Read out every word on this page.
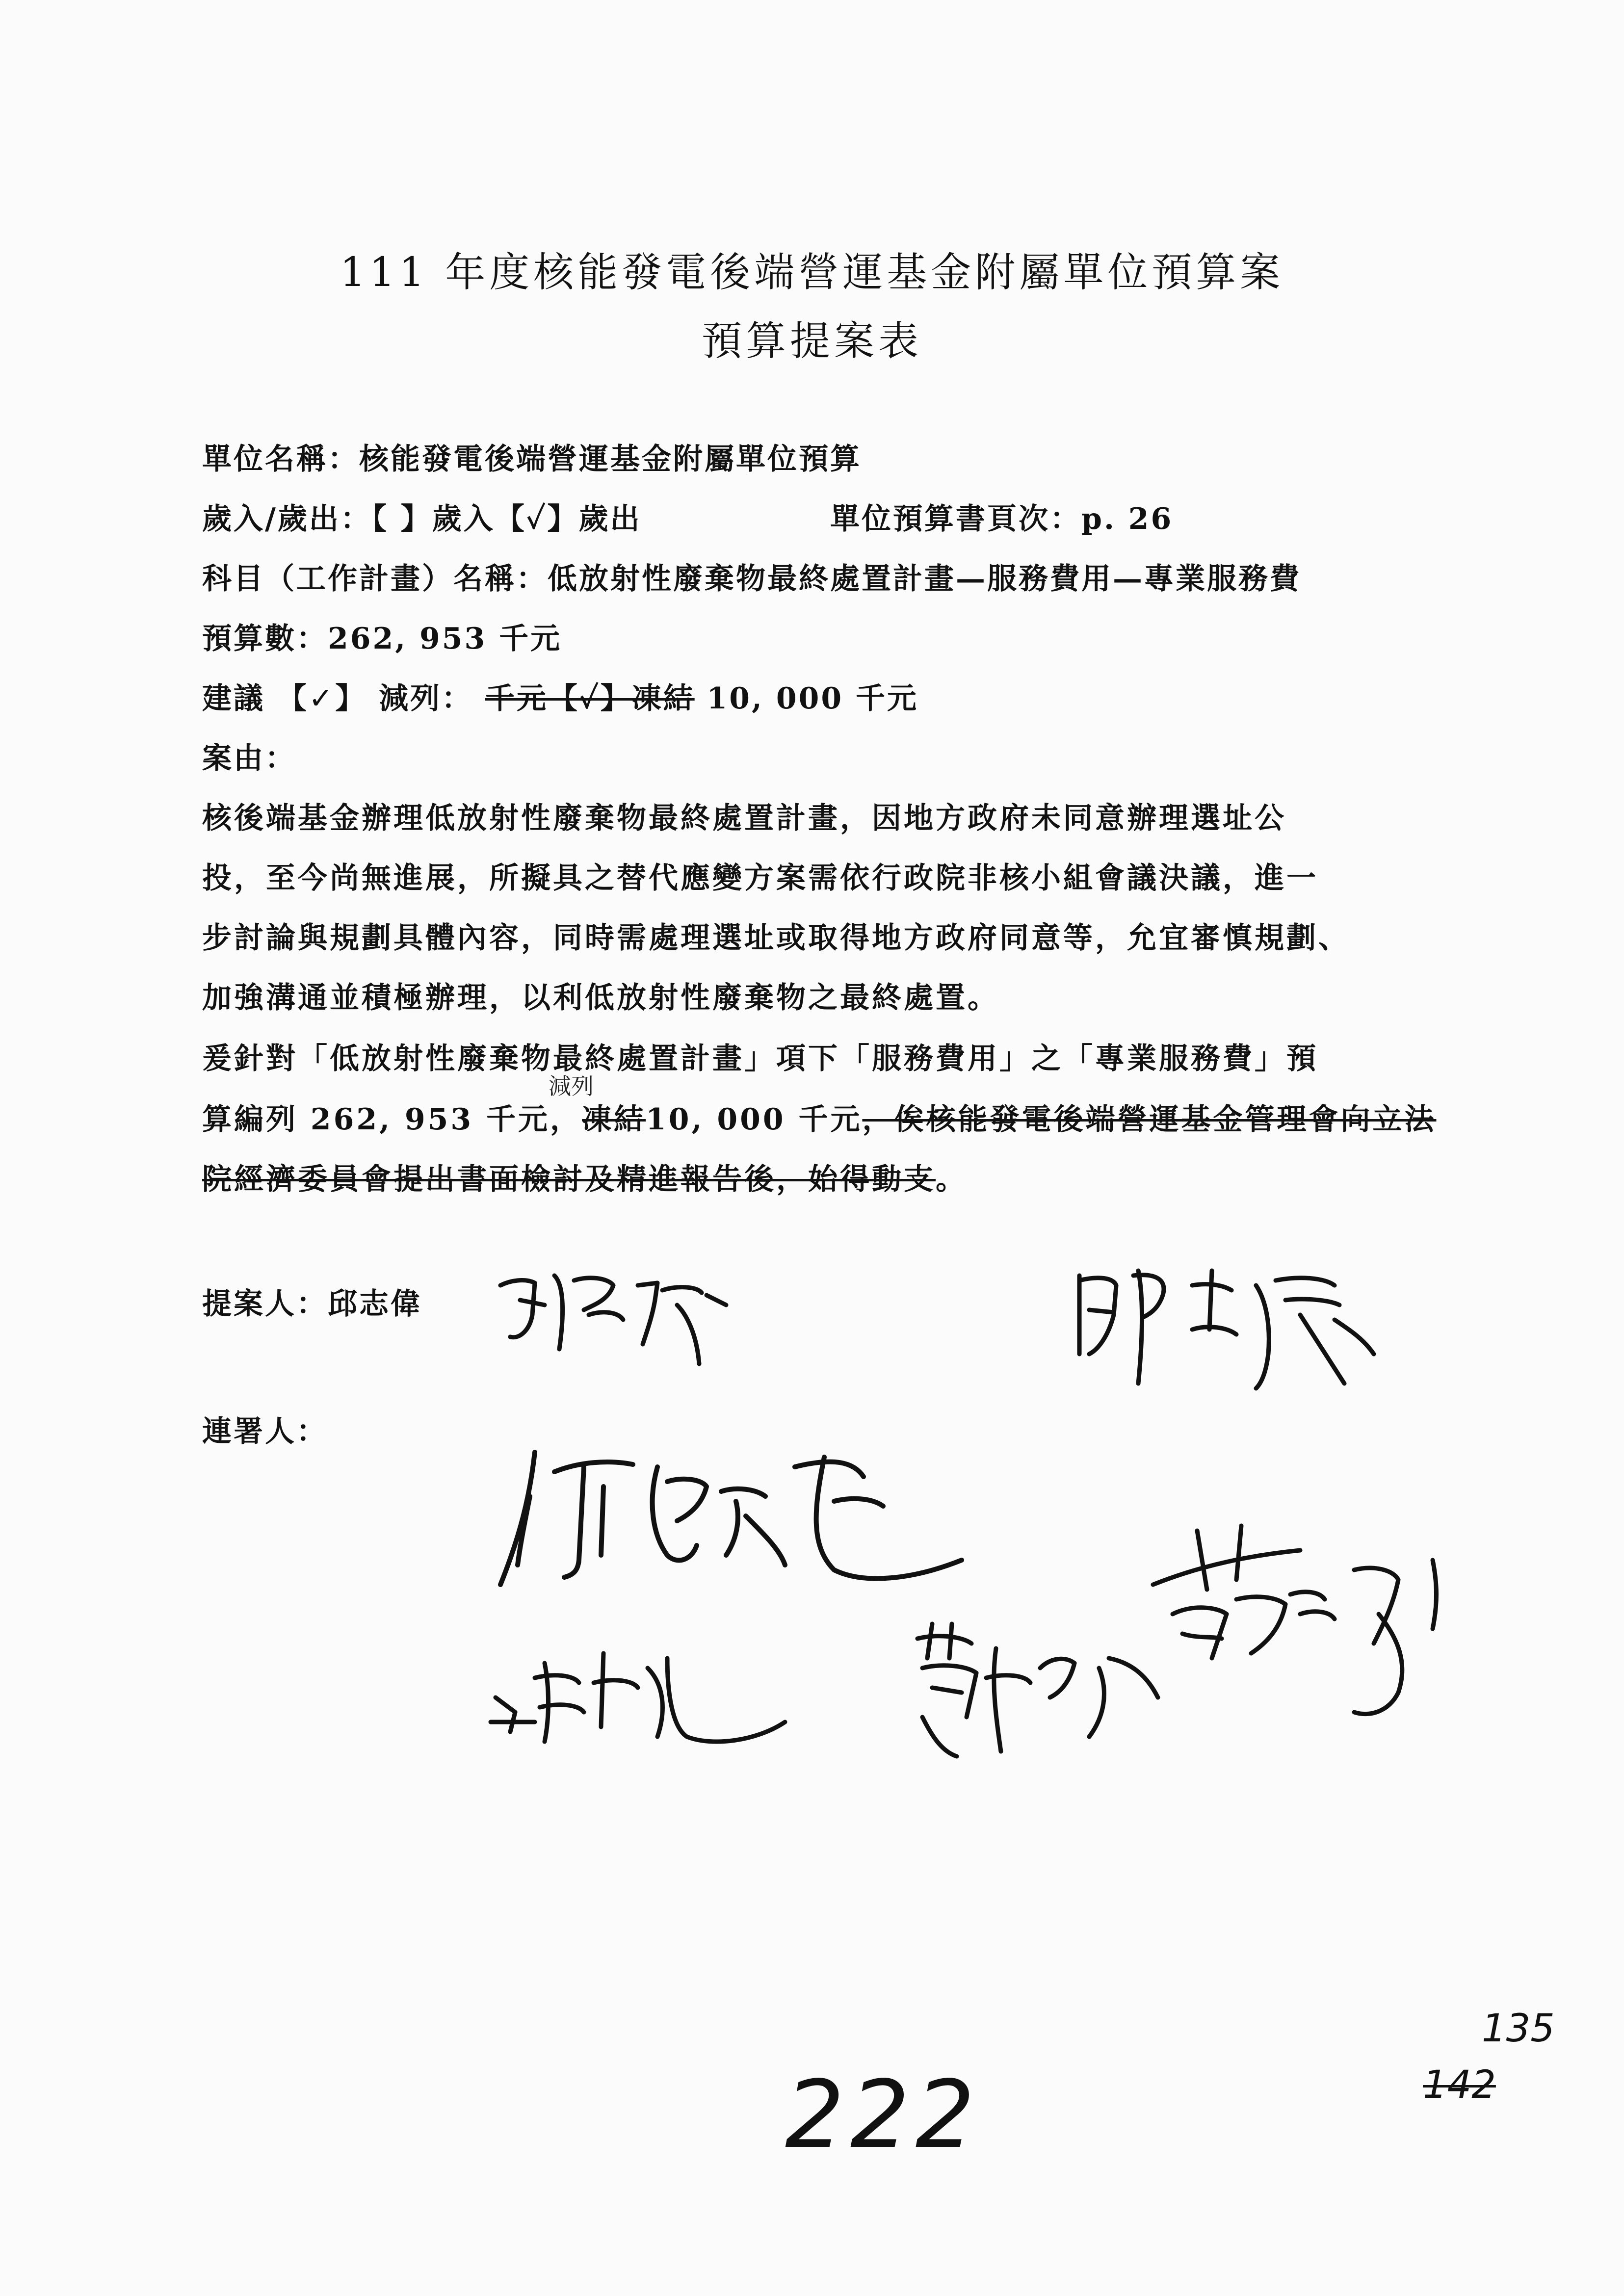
111 年度核能發電後端營運基金附屬單位預算案
預算提案表
單位名稱：核能發電後端營運基金附屬單位預算
歲入/歲出：【 】歲入【✓】歲出	單位預算書頁次：p. 26
科目（工作計畫）名稱：低放射性廢棄物最終處置計畫—服務費用—專業服務費
預算數：262, 953 千元
建議 【✓】 減列： 千元【✓】凍結 10, 000 千元
案由：
核後端基金辦理低放射性廢棄物最終處置計畫，因地方政府未同意辦理選址公
投，至今尚無進展，所擬具之替代應變方案需依行政院非核小組會議決議，進一
步討論與規劃具體內容，同時需處理選址或取得地方政府同意等，允宜審慎規劃、
加強溝通並積極辦理，以利低放射性廢棄物之最終處置。
爰針對「低放射性廢棄物最終處置計畫」項下「服務費用」之「專業服務費」預
算編列 262, 953 千元，凍結10, 000 千元，俟核能發電後端營運基金管理會向立法
減列
院經濟委員會提出書面檢討及精進報告後，始得動支。
提案人：邱志偉
連署人：
222
135
142
